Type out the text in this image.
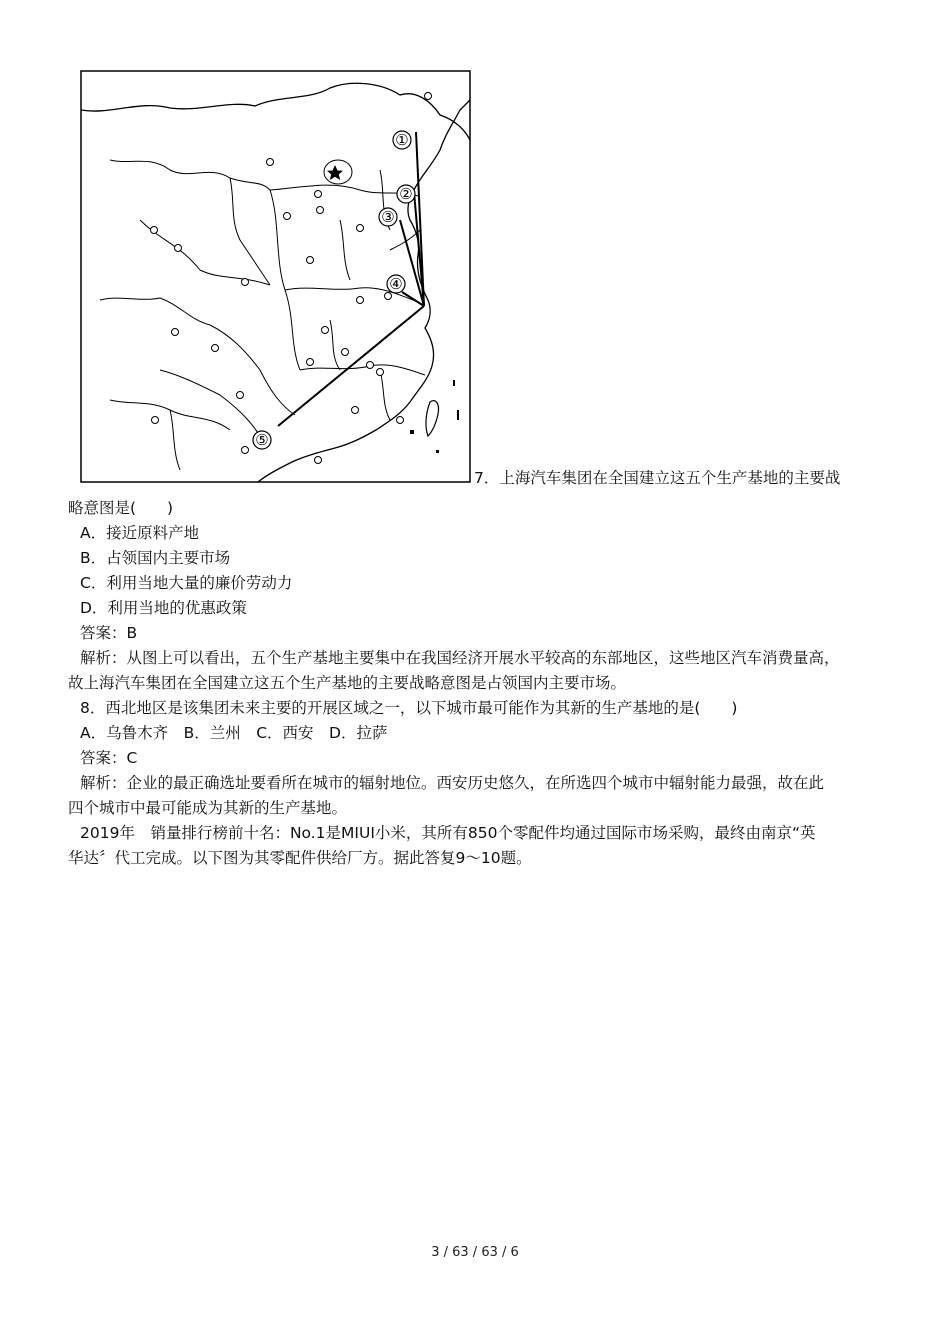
①
②
③
④
⑤
7．上海汽车集团在全国建立这五个生产基地的主要战
略意图是(　　)
A．接近原料产地
B．占领国内主要市场
C．利用当地大量的廉价劳动力
D．利用当地的优惠政策
答案：B
解析：从图上可以看出，五个生产基地主要集中在我国经济开展水平较高的东部地区，这些地区汽车消费量高，
故上海汽车集团在全国建立这五个生产基地的主要战略意图是占领国内主要市场。
8．西北地区是该集团未来主要的开展区域之一，以下城市最可能作为其新的生产基地的是(　　)
A．乌鲁木齐　B．兰州　C．西安　D．拉萨
答案：C
解析：企业的最正确选址要看所在城市的辐射地位。西安历史悠久，在所选四个城市中辐射能力最强，故在此
四个城市中最可能成为其新的生产基地。
2019年　销量排行榜前十名：No.1是MIUI小米，其所有850个零配件均通过国际市场采购，最终由南京“英
华达〞代工完成。以下图为其零配件供给厂方。据此答复9～10题。
3 / 63 / 63 / 6
